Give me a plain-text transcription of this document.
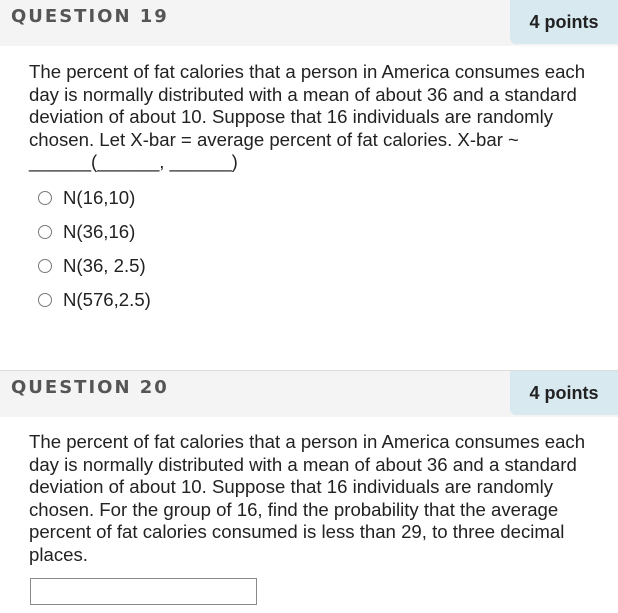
QUESTION 19	4 points
The percent of fat calories that a person in America consumes each day is normally distributed with a mean of about 36 and a standard deviation of about 10. Suppose that 16 individuals are randomly chosen. Let X-bar = average percent of fat calories. X-bar ~ ______(______, ______)
N(16,10)
N(36,16)
N(36, 2.5)
N(576,2.5)
QUESTION 20	4 points
The percent of fat calories that a person in America consumes each day is normally distributed with a mean of about 36 and a standard deviation of about 10. Suppose that 16 individuals are randomly chosen. For the group of 16, find the probability that the average percent of fat calories consumed is less than 29, to three decimal places.
